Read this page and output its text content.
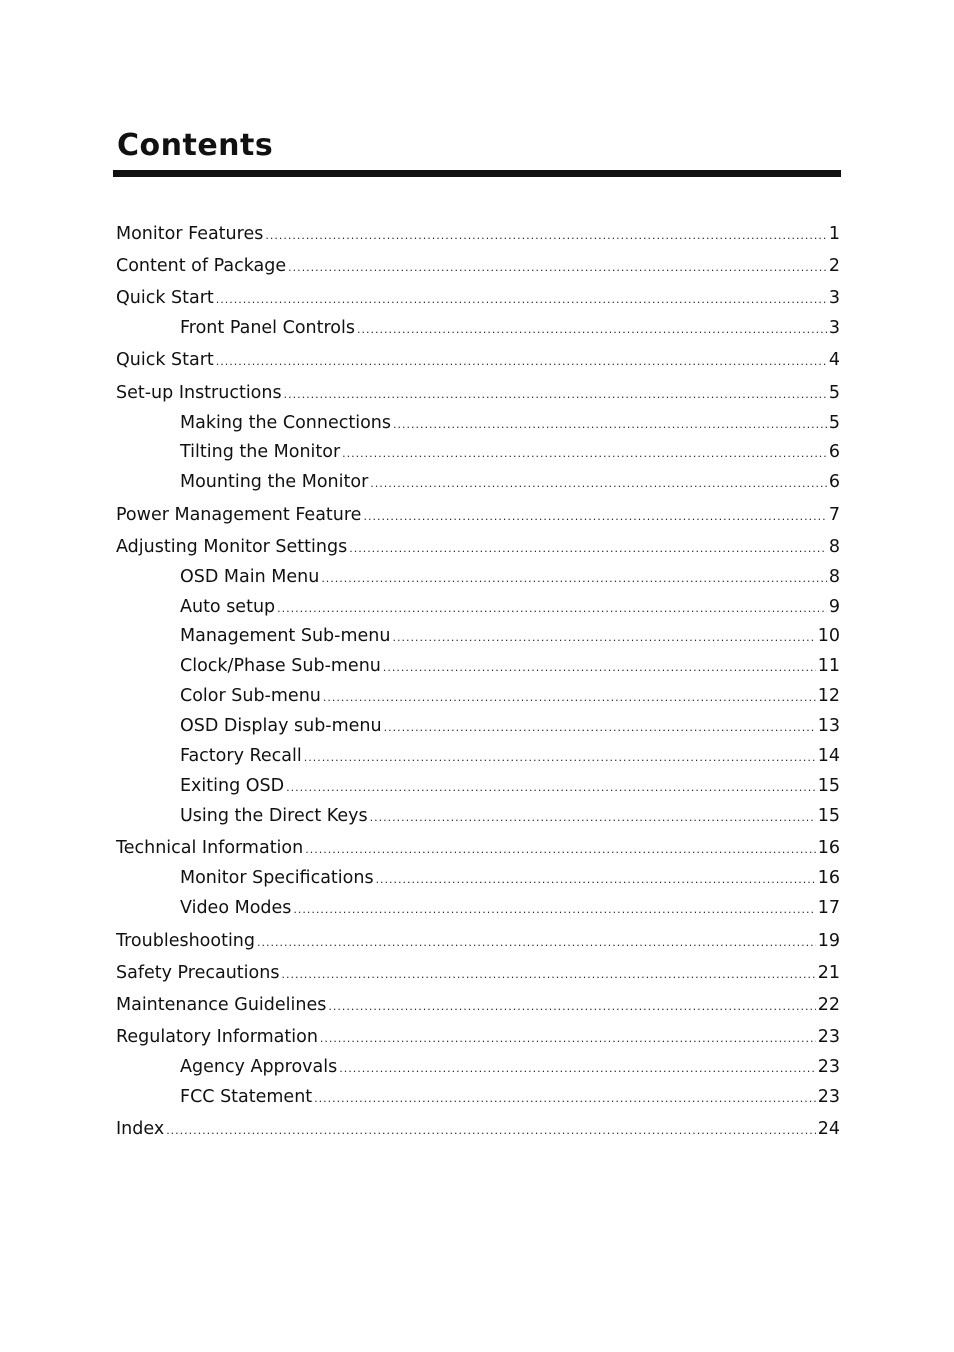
Contents
Monitor Features .....	1
Content of Package .....	2
Quick Start .....	3
Front Panel Controls .....	3
Quick Start .....	4
Set-up Instructions .....	5
Making the Connections .....	5
Tilting the Monitor .....	6
Mounting the Monitor .....	6
Power Management Feature .....	7
Adjusting Monitor Settings .....	8
OSD Main Menu .....	8
Auto setup .....	9
Management Sub-menu .....	10
Clock/Phase Sub-menu .....	11
Color Sub-menu .....	12
OSD Display sub-menu .....	13
Factory Recall .....	14
Exiting OSD .....	15
Using the Direct Keys .....	15
Technical Information .....	16
Monitor Specifications .....	16
Video Modes .....	17
Troubleshooting .....	19
Safety Precautions .....	21
Maintenance Guidelines .....	22
Regulatory Information .....	23
Agency Approvals .....	23
FCC Statement .....	23
Index .....	24
